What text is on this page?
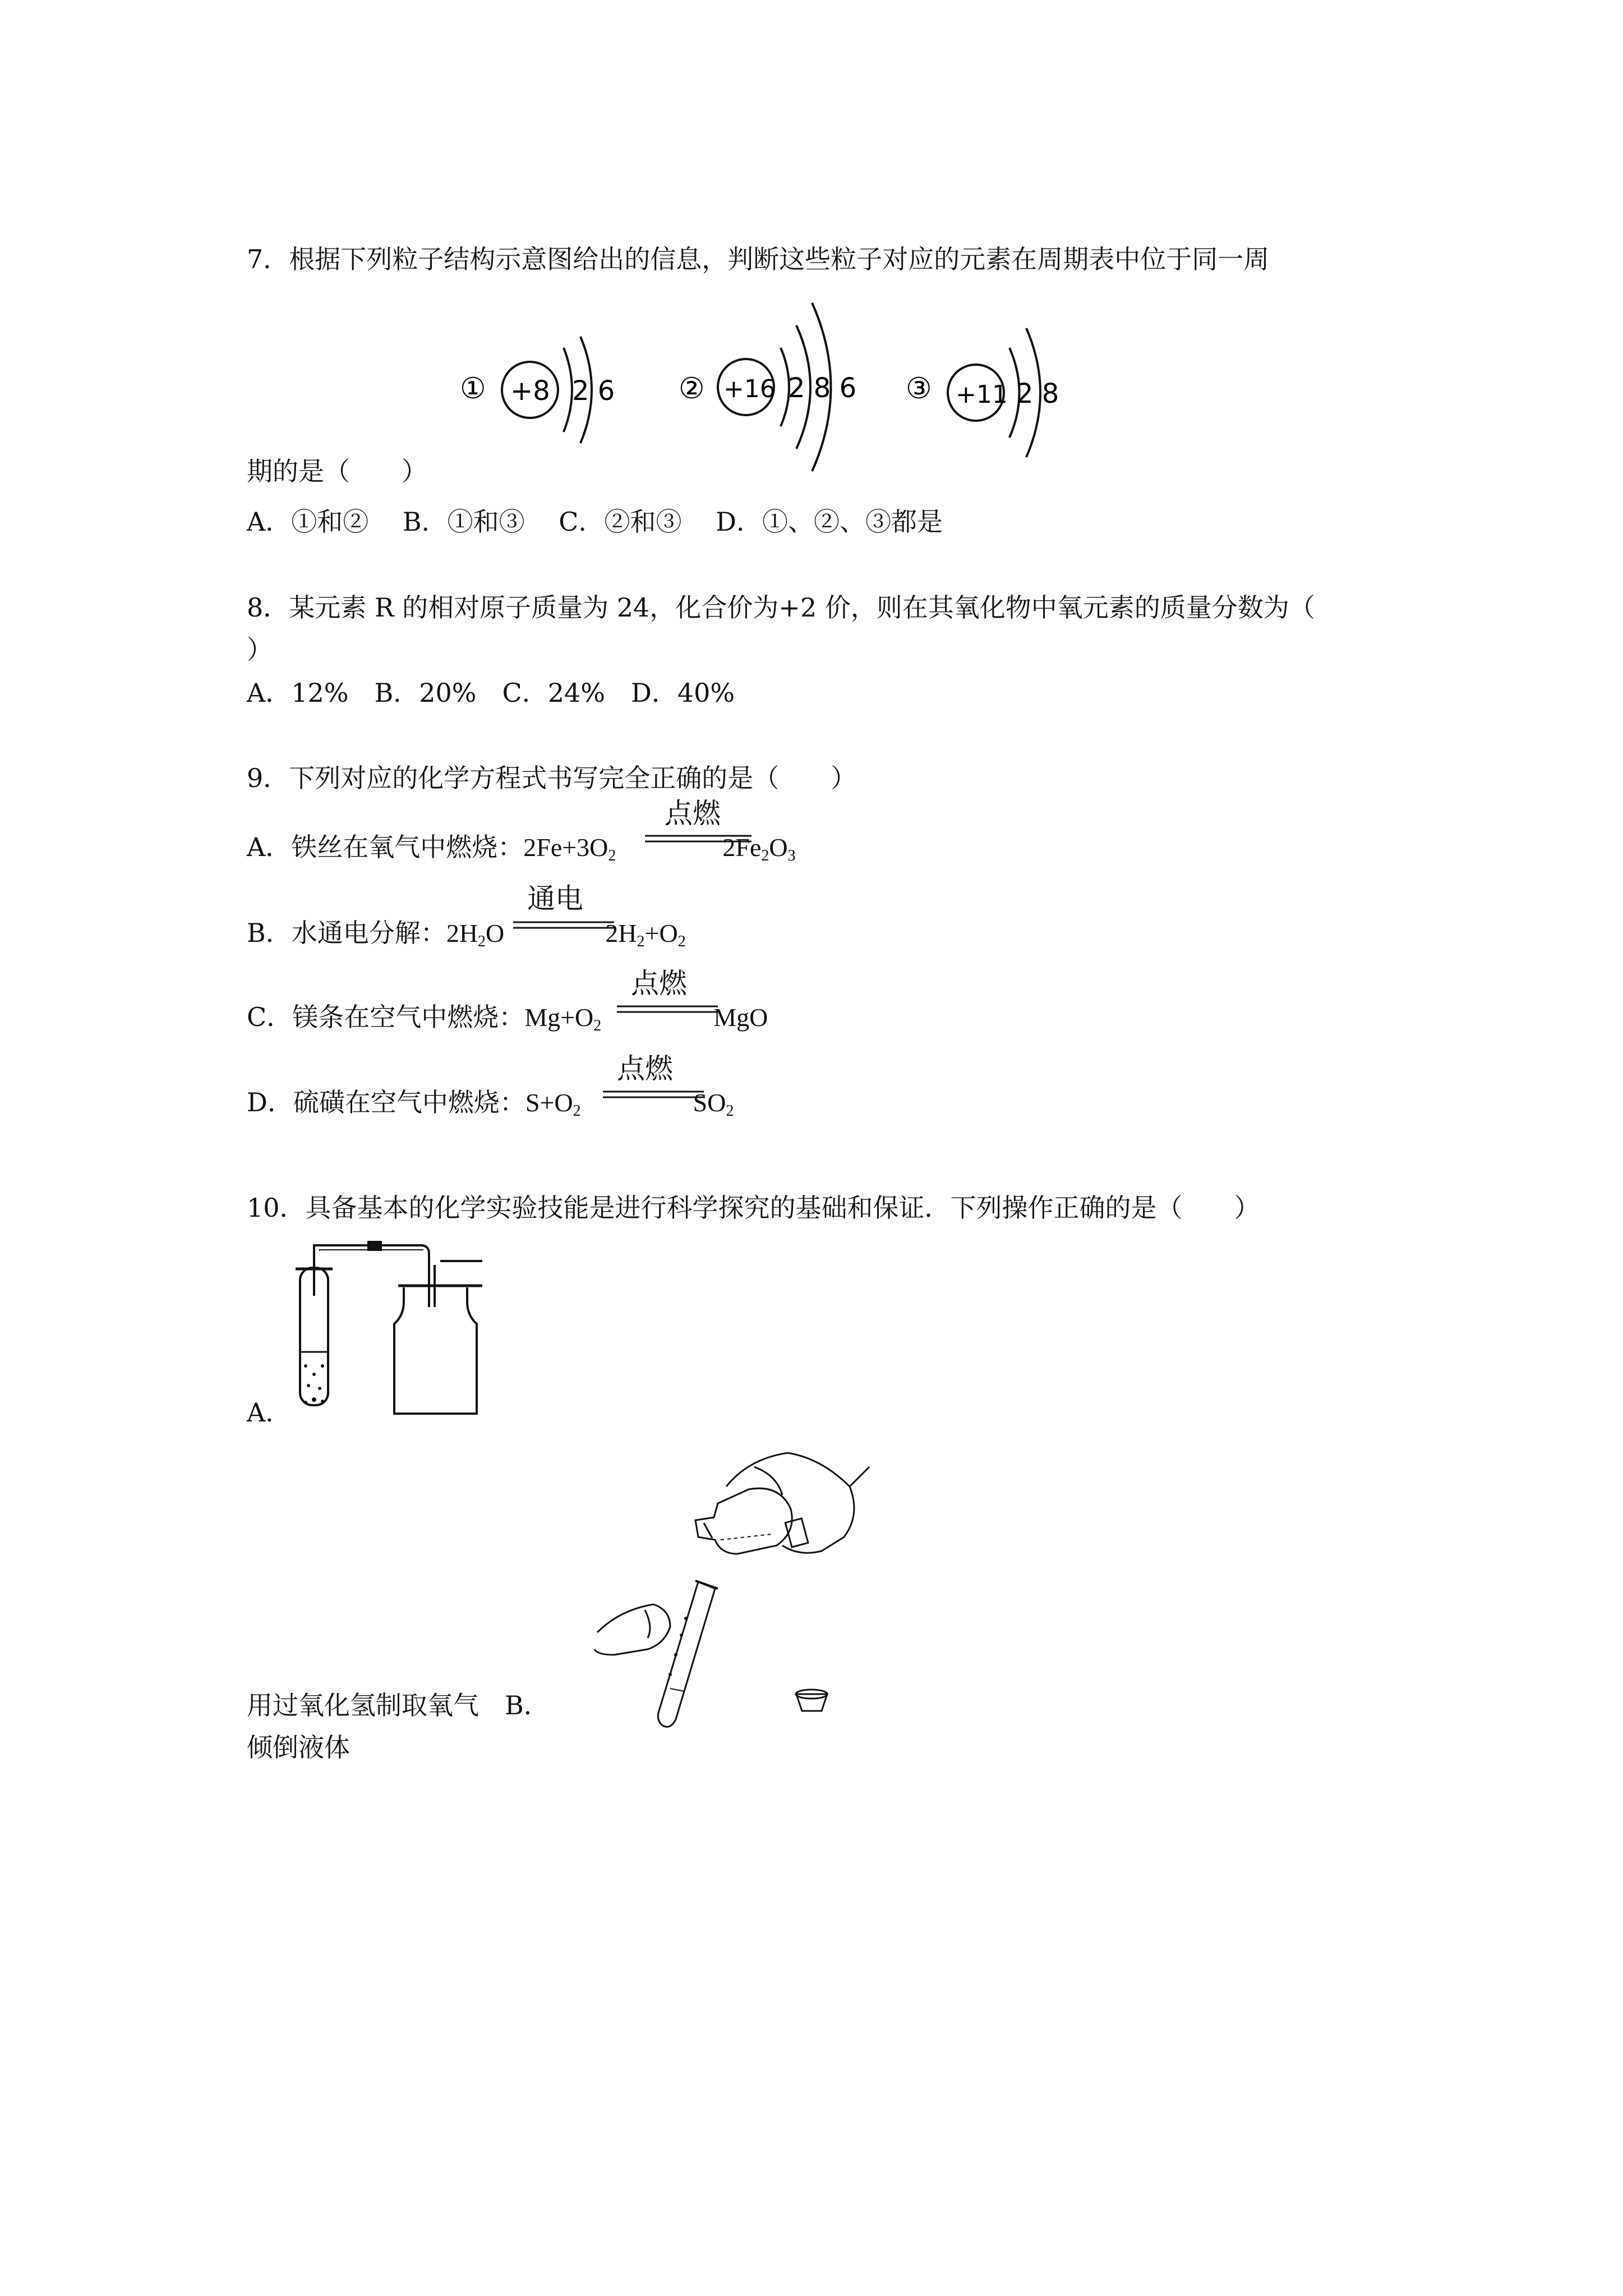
7．根据下列粒子结构示意图给出的信息，判断这些粒子对应的元素在周期表中位于同一周
① +8 2 6 ② +16 2 8 6 ③ +11 2 8
期的是（　　）
A．①和②　 B．①和③　 C．②和③　 D．①、②、③都是
8．某元素 R 的相对原子质量为 24，化合价为+2 价，则在其氧化物中氧元素的质量分数为（
）
A．12%　B．20%　C．24%　D．40%
9．下列对应的化学方程式书写完全正确的是（　　）
A．铁丝在氧气中燃烧：$2Fe+3O_2$	$2Fe_2O_3$
点燃
B．水通电分解：$2H_2O$	$2H_2+O_2$
通电
C．镁条在空气中燃烧：$Mg+O_2$	MgO
点燃
D．硫磺在空气中燃烧：$S+O_2$	$SO_2$
点燃
10．具备基本的化学实验技能是进行科学探究的基础和保证．下列操作正确的是（　　）
A．
用过氧化氢制取氧气　 B．
倾倒液体
